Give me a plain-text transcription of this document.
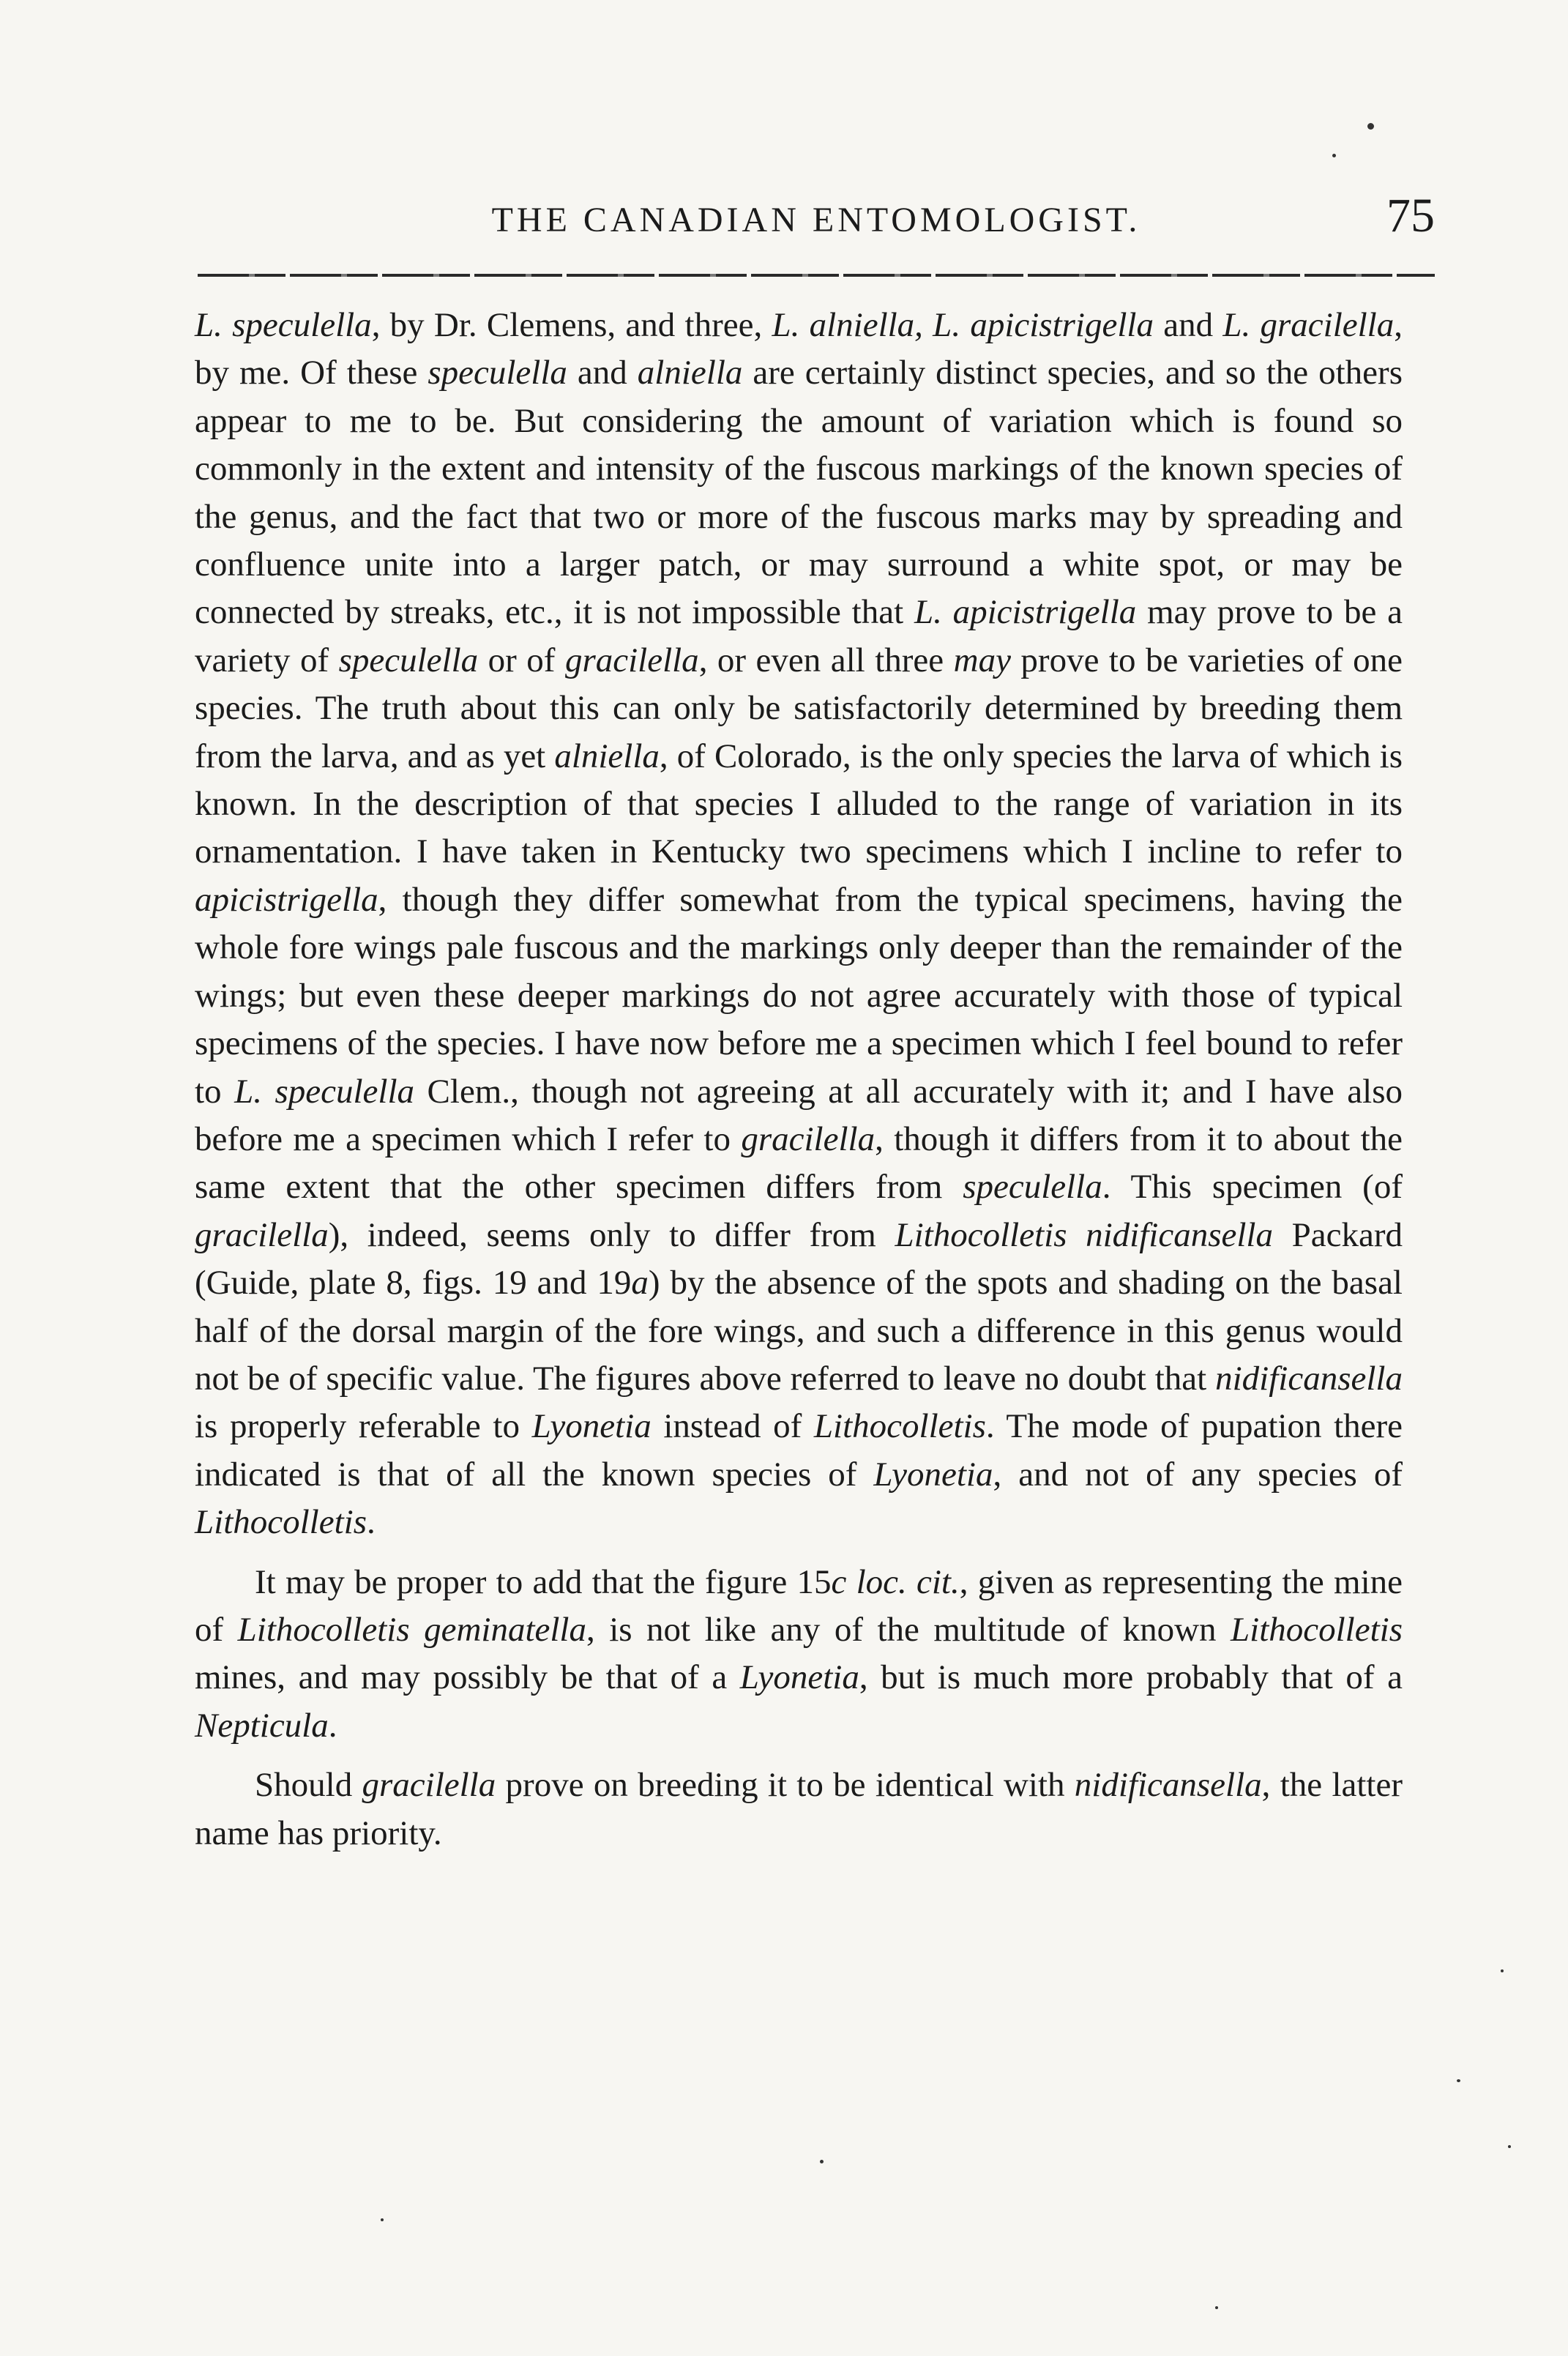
THE CANADIAN ENTOMOLOGIST.	75

L. speculella, by Dr. Clemens, and three, L. alniella, L. apicistrigella and L. gracilella, by me. Of these speculella and alniella are certainly distinct species, and so the others appear to me to be. But considering the amount of variation which is found so commonly in the extent and intensity of the fuscous markings of the known species of the genus, and the fact that two or more of the fuscous marks may by spreading and confluence unite into a larger patch, or may surround a white spot, or may be connected by streaks, etc., it is not impossible that L. apicistrigella may prove to be a variety of speculella or of gracilella, or even all three may prove to be varieties of one species. The truth about this can only be satisfactorily determined by breeding them from the larva, and as yet alniella, of Colorado, is the only species the larva of which is known. In the description of that species I alluded to the range of variation in its ornamentation. I have taken in Kentucky two specimens which I incline to refer to apicistrigella, though they differ somewhat from the typical specimens, having the whole fore wings pale fuscous and the markings only deeper than the remainder of the wings; but even these deeper markings do not agree accurately with those of typical specimens of the species. I have now before me a specimen which I feel bound to refer to L. speculella Clem., though not agreeing at all accurately with it; and I have also before me a specimen which I refer to gracilella, though it differs from it to about the same extent that the other specimen differs from speculella. This specimen (of gracilella), indeed, seems only to differ from Lithocolletis nidificansella Packard (Guide, plate 8, figs. 19 and 19a) by the absence of the spots and shading on the basal half of the dorsal margin of the fore wings, and such a difference in this genus would not be of specific value. The figures above referred to leave no doubt that nidificansella is properly referable to Lyonetia instead of Lithocolletis. The mode of pupation there indicated is that of all the known species of Lyonetia, and not of any species of Lithocolletis.

It may be proper to add that the figure 15c loc. cit., given as representing the mine of Lithocolletis geminatella, is not like any of the multitude of known Lithocolletis mines, and may possibly be that of a Lyonetia, but is much more probably that of a Nepticula.

Should gracilella prove on breeding it to be identical with nidificansella, the latter name has priority.
